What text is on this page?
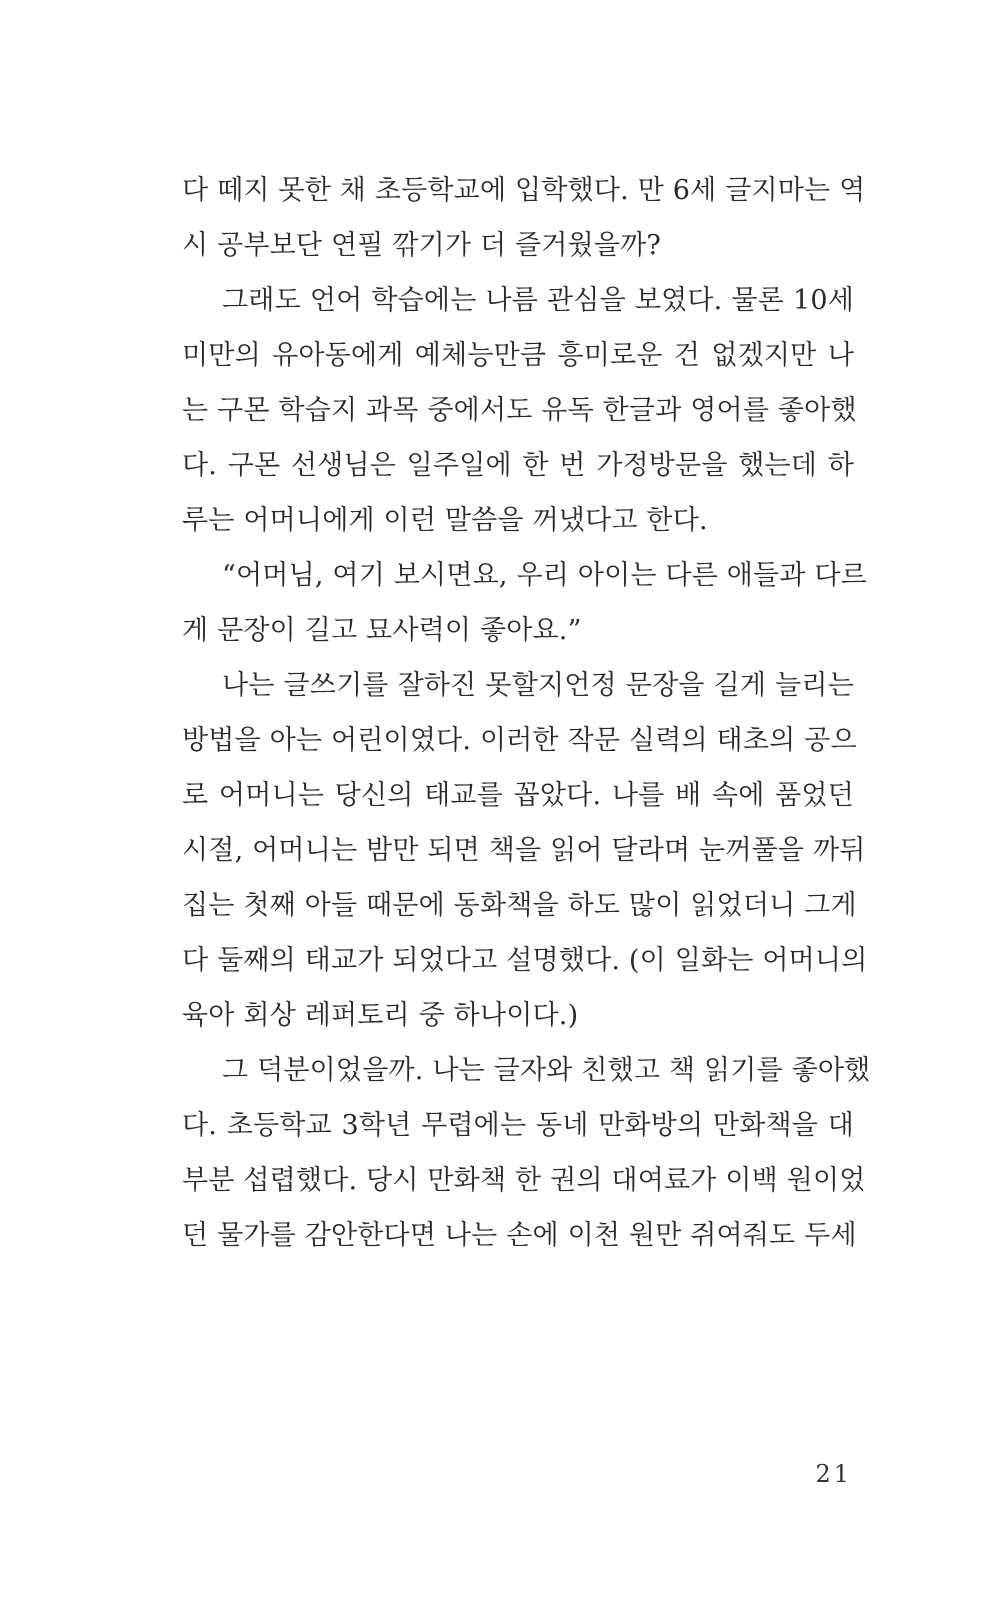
다 떼지 못한 채 초등학교에 입학했다. 만 6세 글지마는 역
시 공부보단 연필 깎기가 더 즐거웠을까?
그래도 언어 학습에는 나름 관심을 보였다. 물론 10세
미만의 유아동에게 예체능만큼 흥미로운 건 없겠지만 나
는 구몬 학습지 과목 중에서도 유독 한글과 영어를 좋아했
다. 구몬 선생님은 일주일에 한 번 가정방문을 했는데 하
루는 어머니에게 이런 말씀을 꺼냈다고 한다.
“어머님, 여기 보시면요, 우리 아이는 다른 애들과 다르
게 문장이 길고 묘사력이 좋아요.”
나는 글쓰기를 잘하진 못할지언정 문장을 길게 늘리는
방법을 아는 어린이였다. 이러한 작문 실력의 태초의 공으
로 어머니는 당신의 태교를 꼽았다. 나를 배 속에 품었던
시절, 어머니는 밤만 되면 책을 읽어 달라며 눈꺼풀을 까뒤
집는 첫째 아들 때문에 동화책을 하도 많이 읽었더니 그게
다 둘째의 태교가 되었다고 설명했다. (이 일화는 어머니의
육아 회상 레퍼토리 중 하나이다.)
그 덕분이었을까. 나는 글자와 친했고 책 읽기를 좋아했
다. 초등학교 3학년 무렵에는 동네 만화방의 만화책을 대
부분 섭렵했다. 당시 만화책 한 권의 대여료가 이백 원이었
던 물가를 감안한다면 나는 손에 이천 원만 쥐여줘도 두세
21
